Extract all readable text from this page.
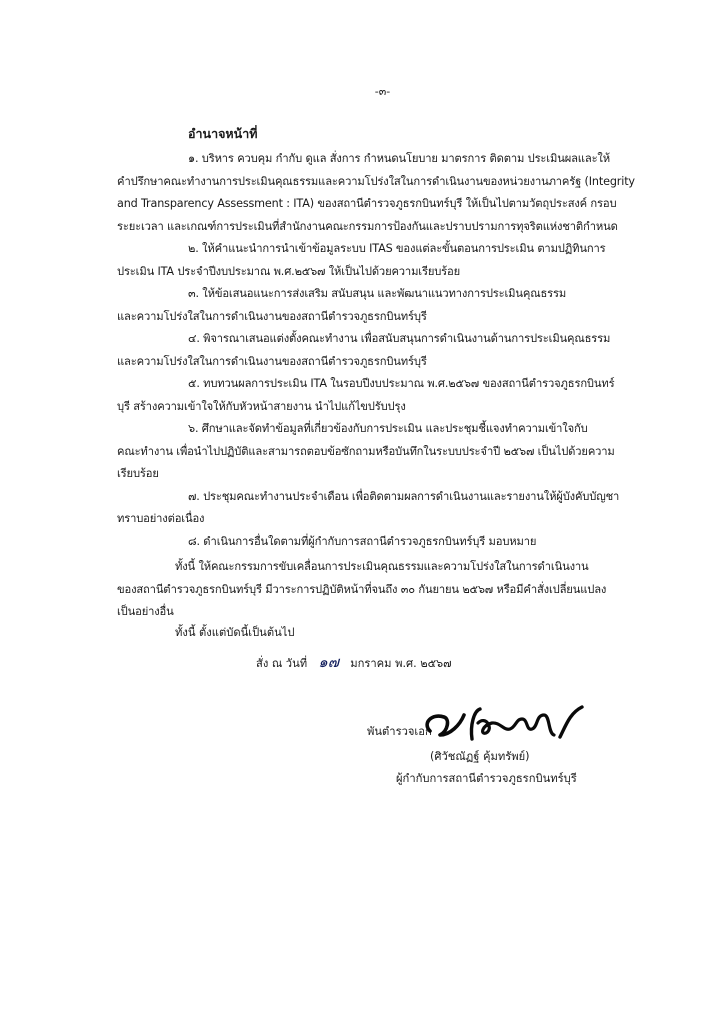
-๓-
อำนาจหน้าที่
๑. บริหาร ควบคุม กำกับ ดูแล สั่งการ กำหนดนโยบาย มาตรการ ติดตาม ประเมินผลและให้
คำปรึกษาคณะทำงานการประเมินคุณธรรมและความโปร่งใสในการดำเนินงานของหน่วยงานภาครัฐ (Integrity
and Transparency Assessment : ITA) ของสถานีตำรวจภูธรกบินทร์บุรี ให้เป็นไปตามวัตถุประสงค์ กรอบ
ระยะเวลา และเกณฑ์การประเมินที่สำนักงานคณะกรรมการป้องกันและปราบปรามการทุจริตแห่งชาติกำหนด
๒. ให้คำแนะนำการนำเข้าข้อมูลระบบ ITAS ของแต่ละขั้นตอนการประเมิน ตามปฏิทินการ
ประเมิน ITA ประจำปีงบประมาณ พ.ศ.๒๕๖๗ ให้เป็นไปด้วยความเรียบร้อย
๓. ให้ข้อเสนอแนะการส่งเสริม สนับสนุน และพัฒนาแนวทางการประเมินคุณธรรม
และความโปร่งใสในการดำเนินงานของสถานีตำรวจภูธรกบินทร์บุรี
๔. พิจารณาเสนอแต่งตั้งคณะทำงาน เพื่อสนับสนุนการดำเนินงานด้านการประเมินคุณธรรม
และความโปร่งใสในการดำเนินงานของสถานีตำรวจภูธรกบินทร์บุรี
๕. ทบทวนผลการประเมิน ITA ในรอบปีงบประมาณ พ.ศ.๒๕๖๗ ของสถานีตำรวจภูธรกบินทร์
บุรี สร้างความเข้าใจให้กับหัวหน้าสายงาน นำไปแก้ไขปรับปรุง
๖. ศึกษาและจัดทำข้อมูลที่เกี่ยวข้องกับการประเมิน และประชุมชี้แจงทำความเข้าใจกับ
คณะทำงาน เพื่อนำไปปฏิบัติและสามารถตอบข้อซักถามหรือบันทึกในระบบประจำปี ๒๕๖๗ เป็นไปด้วยความ
เรียบร้อย
๗. ประชุมคณะทำงานประจำเดือน เพื่อติดตามผลการดำเนินงานและรายงานให้ผู้บังคับบัญชา
ทราบอย่างต่อเนื่อง
๘. ดำเนินการอื่นใดตามที่ผู้กำกับการสถานีตำรวจภูธรกบินทร์บุรี มอบหมาย
ทั้งนี้ ให้คณะกรรมการขับเคลื่อนการประเมินคุณธรรมและความโปร่งใสในการดำเนินงาน
ของสถานีตำรวจภูธรกบินทร์บุรี มีวาระการปฏิบัติหน้าที่จนถึง ๓๐ กันยายน ๒๕๖๗ หรือมีคำสั่งเปลี่ยนแปลง
เป็นอย่างอื่น
ทั้งนี้ ตั้งแต่บัดนี้เป็นต้นไป
สั่ง ณ วันที่ ๑๗ มกราคม พ.ศ. ๒๕๖๗
พันตำรวจเอก
(ศิวัชณัฏฐ์ คุ้มทรัพย์)
ผู้กำกับการสถานีตำรวจภูธรกบินทร์บุรี
